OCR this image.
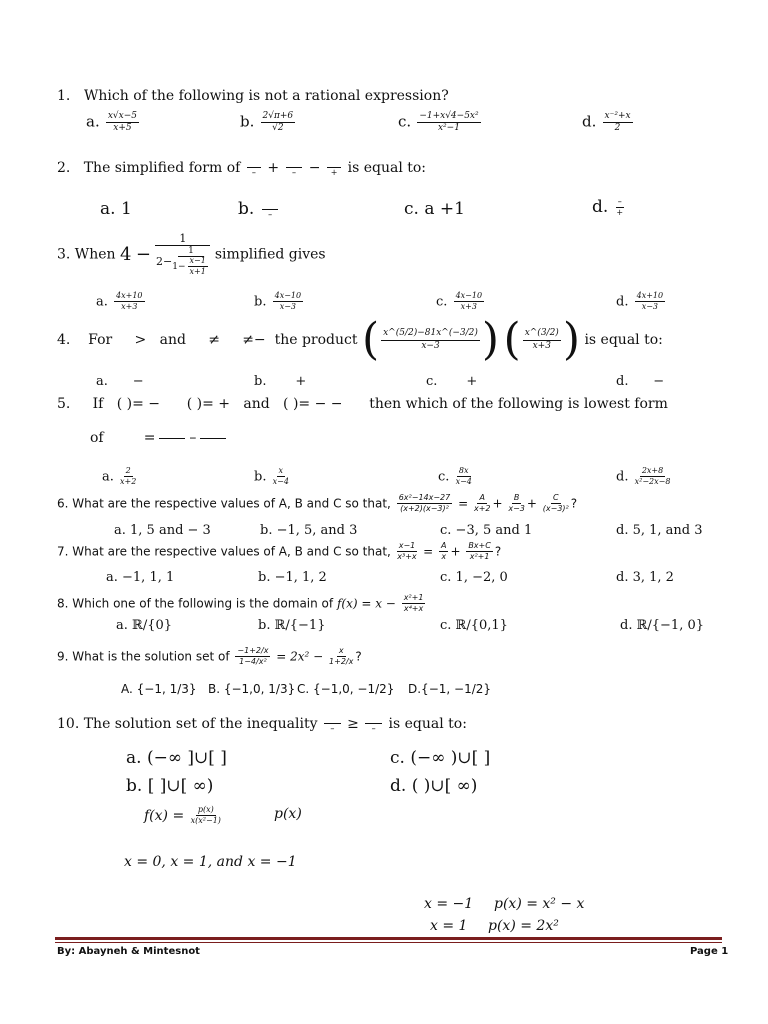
1. Which of the following is not a rational expression?
a. $\frac{x√x-5}{x+5}$	b. $\frac{2√\pi+6}{√2}$	c. $\frac{\text{−1+x√4−5x²}}{\text{x²−1}}$	d. $\frac{\text{x⁻²+x}}{2}$
2. The simplified form of
– +
– −
+ is equal to:
a. 1	b.
–	c. a +1	d. $\frac{-}{+}$
3. When $4 - \frac{1}{2- \frac{1}{1- \frac{x-1}{x+1}}}$ simplified gives
a. $\frac{4x+10}{x+3}$	b. $\frac{4x-10}{x-3}$	c. $\frac{4x-10}{x+3}$	d. $\frac{4x+10}{x-3}$
4. For > and ≠ ≠− the product ( $\frac{x\^{}(5/2)-81x\^{}(-3/2)}{x-3}$ ) ( $\frac{x\^{}(3/2)}{x+3}$ ) is equal to:
a. −	b. +	c. +	d. −
5. If ( )= − ( )= + and ( )= − − then which of the following is lowest form
of	= –
a. $\frac{2}{x+2}$	b. $\frac{x}{x-4}$	c. $\frac{8x}{x-4}$	d. $\frac{2x+8}{\text{x²−2x−8}}$
6. What are the respective values of A, B and C so that, $\frac{\text{6x²−14x−27}}{\text{(x+2)(x−3)²}} = \frac{A}{x+2} + \frac{B}{x-3} + \frac{C}{\text{(x−3)²}}$ ?
a. 1, 5 and − 3	b. −1, 5, and 3	c. −3, 5 and 1	d. 5, 1, and 3
7. What are the respective values of A, B and C so that, $\frac{x-1}{\text{x³+x}} = \frac{A}{x} + \frac{Bx+C}{\text{x²+1}}$ ?
a. −1, 1, 1	b. −1, 1, 2	c. 1, −2, 0	d. 3, 1, 2
8. Which one of the following is the domain of $f(x) = x - \frac{\text{x²+1}}{\text{x⁴+x}}$
a. ℝ/{0}	b. ℝ/{−1}	c. ℝ/{0,1}	d. ℝ/{−1, 0}
9. What is the solution set of $\frac{-1+2/x}{\text{1−4/x²}} = 2x^2 - \frac{x}{1+2/x}$ ?
A. {−1, 1/3} B. {−1,0, 1/3} C. {−1,0, −1/2} D.{−1, −1/2}
10. The solution set of the inequality
– ≥
– is equal to:
a. (−∞ ]∪[ ]
b. [ ]∪[ ∞)
c. (−∞ )∪[ ]
d. ( )∪[ ∞)
$f(x) = \frac{p(x)}{\text{x(x²−1)}}$	p(x)
x = 0, x = 1, and x = −1
x = −1 p(x) = x² − x
x = 1 p(x) = 2x²
By: Abayneh & Mintesnot	Page 1
